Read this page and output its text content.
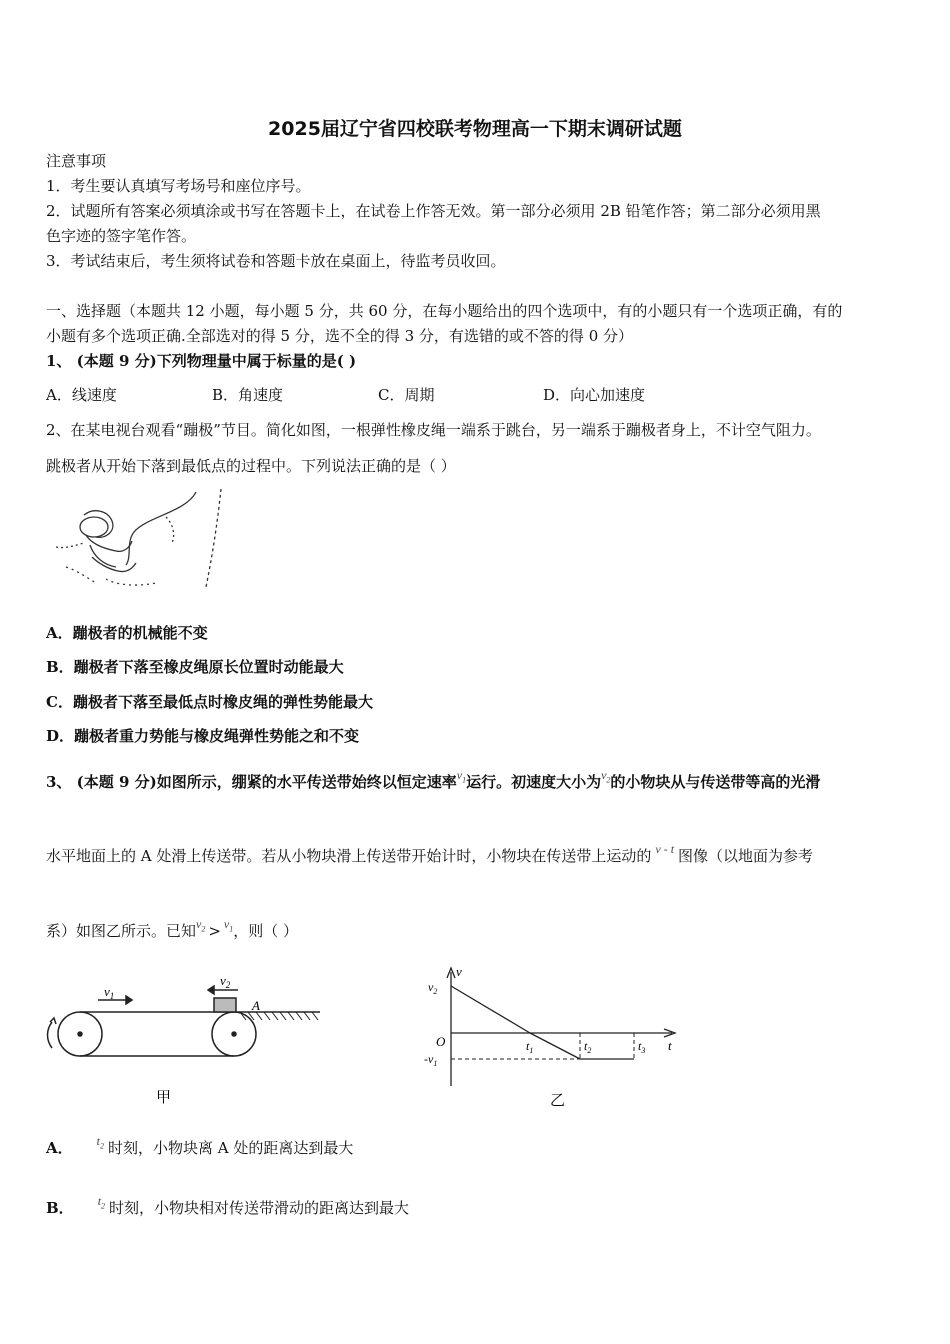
2025届辽宁省四校联考物理高一下期末调研试题
注意事项
1．考生要认真填写考场号和座位序号。
2．试题所有答案必须填涂或书写在答题卡上，在试卷上作答无效。第一部分必须用 2B 铅笔作答；第二部分必须用黑
色字迹的签字笔作答。
3．考试结束后，考生须将试卷和答题卡放在桌面上，待监考员收回。
一、选择题（本题共 12 小题，每小题 5 分，共 60 分，在每小题给出的四个选项中，有的小题只有一个选项正确，有的
小题有多个选项正确.全部选对的得 5 分，选不全的得 3 分，有选错的或不答的得 0 分）
1、 (本题 9 分)下列物理量中属于标量的是( )
A．线速度	B．角速度	C．周期	D．向心加速度
2、在某电视台观看“蹦极”节目。简化如图，一根弹性橡皮绳一端系于跳台，另一端系于蹦极者身上，不计空气阻力。
跳极者从开始下落到最低点的过程中。下列说法正确的是（ ）
A．蹦极者的机械能不变
B．蹦极者下落至橡皮绳原长位置时动能最大
C．蹦极者下落至最低点时橡皮绳的弹性势能最大
D．蹦极者重力势能与橡皮绳弹性势能之和不变
3、 (本题 9 分)如图所示，绷紧的水平传送带始终以恒定速率$^{v_1}$运行。初速度大小为$^{v_2}$的小物块从与传送带等高的光滑
水平地面上的 A 处滑上传送带。若从小物块滑上传送带开始计时，小物块在传送带上运动的 $^{v - t}$ 图像（以地面为参考
系）如图乙所示。已知$^{v_2}$ > $^{v_1}$，则（ ）
$v_1$
$v_2$
A
甲
v
t
O
$v_2$
$-v_1$
$t_1$	$t_2$	$t_3$
乙
A． $^{t_2}$ 时刻，小物块离 A 处的距离达到最大
B． $^{t_2}$ 时刻，小物块相对传送带滑动的距离达到最大
